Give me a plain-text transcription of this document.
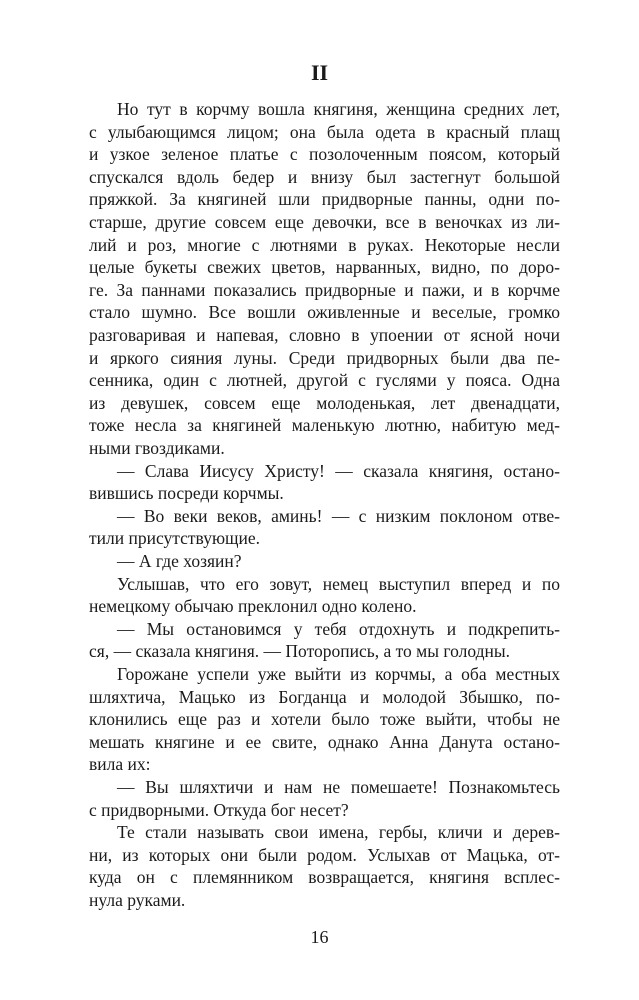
II
Но тут в корчму вошла княгиня, женщина средних лет,
с улыбающимся лицом; она была одета в красный плащ
и узкое зеленое платье с позолоченным поясом, который
спускался вдоль бедер и внизу был застегнут большой
пряжкой. За княгиней шли придворные панны, одни по-
старше, другие совсем еще девочки, все в веночках из ли-
лий и роз, многие с лютнями в руках. Некоторые несли
целые букеты свежих цветов, нарванных, видно, по доро-
ге. За паннами показались придворные и пажи, и в корчме
стало шумно. Все вошли оживленные и веселые, громко
разговаривая и напевая, словно в упоении от ясной ночи
и яркого сияния луны. Среди придворных были два пе-
сенника, один с лютней, другой с гуслями у пояса. Одна
из девушек, совсем еще молоденькая, лет двенадцати,
тоже несла за княгиней маленькую лютню, набитую мед-
ными гвоздиками.
— Слава Иисусу Христу! — сказала княгиня, остано-
вившись посреди корчмы.
— Во веки веков, аминь! — с низким поклоном отве-
тили присутствующие.
— А где хозяин?
Услышав, что его зовут, немец выступил вперед и по
немецкому обычаю преклонил одно колено.
— Мы остановимся у тебя отдохнуть и подкрепить-
ся, — сказала княгиня. — Поторопись, а то мы голодны.
Горожане успели уже выйти из корчмы, а оба местных
шляхтича, Мацько из Богданца и молодой Збышко, по-
клонились еще раз и хотели было тоже выйти, чтобы не
мешать княгине и ее свите, однако Анна Данута остано-
вила их:
— Вы шляхтичи и нам не помешаете! Познакомьтесь
с придворными. Откуда бог несет?
Те стали называть свои имена, гербы, кличи и дерев-
ни, из которых они были родом. Услыхав от Мацька, от-
куда он с племянником возвращается, княгиня всплес-
нула руками.
16
